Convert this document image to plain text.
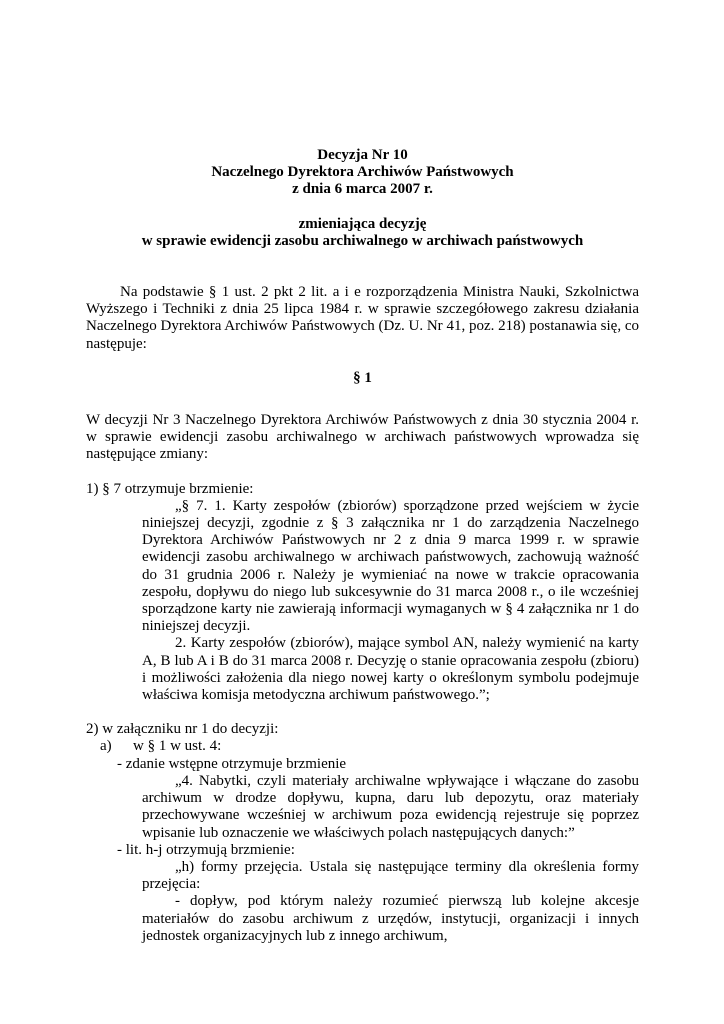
Decyzja Nr 10
Naczelnego Dyrektora Archiwów Państwowych
z dnia 6 marca 2007 r.
zmieniająca decyzję
w sprawie ewidencji zasobu archiwalnego w archiwach państwowych

Na podstawie § 1 ust. 2 pkt 2 lit. a i e rozporządzenia Ministra Nauki, Szkolnictwa Wyższego i Techniki z dnia 25 lipca 1984 r. w sprawie szczegółowego zakresu działania Naczelnego Dyrektora Archiwów Państwowych (Dz. U. Nr 41, poz. 218) postanawia się, co następuje:

§ 1

W decyzji Nr 3 Naczelnego Dyrektora Archiwów Państwowych z dnia 30 stycznia 2004 r. w sprawie ewidencji zasobu archiwalnego w archiwach państwowych wprowadza się następujące zmiany:

1) § 7 otrzymuje brzmienie:

„§ 7. 1. Karty zespołów (zbiorów) sporządzone przed wejściem w życie niniejszej decyzji, zgodnie z § 3 załącznika nr 1 do zarządzenia Naczelnego Dyrektora Archiwów Państwowych nr 2 z dnia 9 marca 1999 r. w sprawie ewidencji zasobu archiwalnego w archiwach państwowych, zachowują ważność do 31 grudnia 2006 r. Należy je wymieniać na nowe w trakcie opracowania zespołu, dopływu do niego lub sukcesywnie do 31 marca 2008 r., o ile wcześniej sporządzone karty nie zawierają informacji wymaganych w § 4 załącznika nr 1 do niniejszej decyzji.

2. Karty zespołów (zbiorów), mające symbol AN, należy wymienić na karty A, B lub A i B do 31 marca 2008 r. Decyzję o stanie opracowania zespołu (zbioru) i możliwości założenia dla niego nowej karty o określonym symbolu podejmuje właściwa komisja metodyczna archiwum państwowego.”;

2) w załączniku nr 1 do decyzji:
a)	w § 1 w ust. 4:
- zdanie wstępne otrzymuje brzmienie

„4. Nabytki, czyli materiały archiwalne wpływające i włączane do zasobu archiwum w drodze dopływu, kupna, daru lub depozytu, oraz materiały przechowywane wcześniej w archiwum poza ewidencją rejestruje się poprzez wpisanie lub oznaczenie we właściwych polach następujących danych:”

- lit. h-j otrzymują brzmienie:

„h) formy przejęcia. Ustala się następujące terminy dla określenia formy przejęcia:

- dopływ, pod którym należy rozumieć pierwszą lub kolejne akcesje materiałów do zasobu archiwum z urzędów, instytucji, organizacji i innych jednostek organizacyjnych lub z innego archiwum,
